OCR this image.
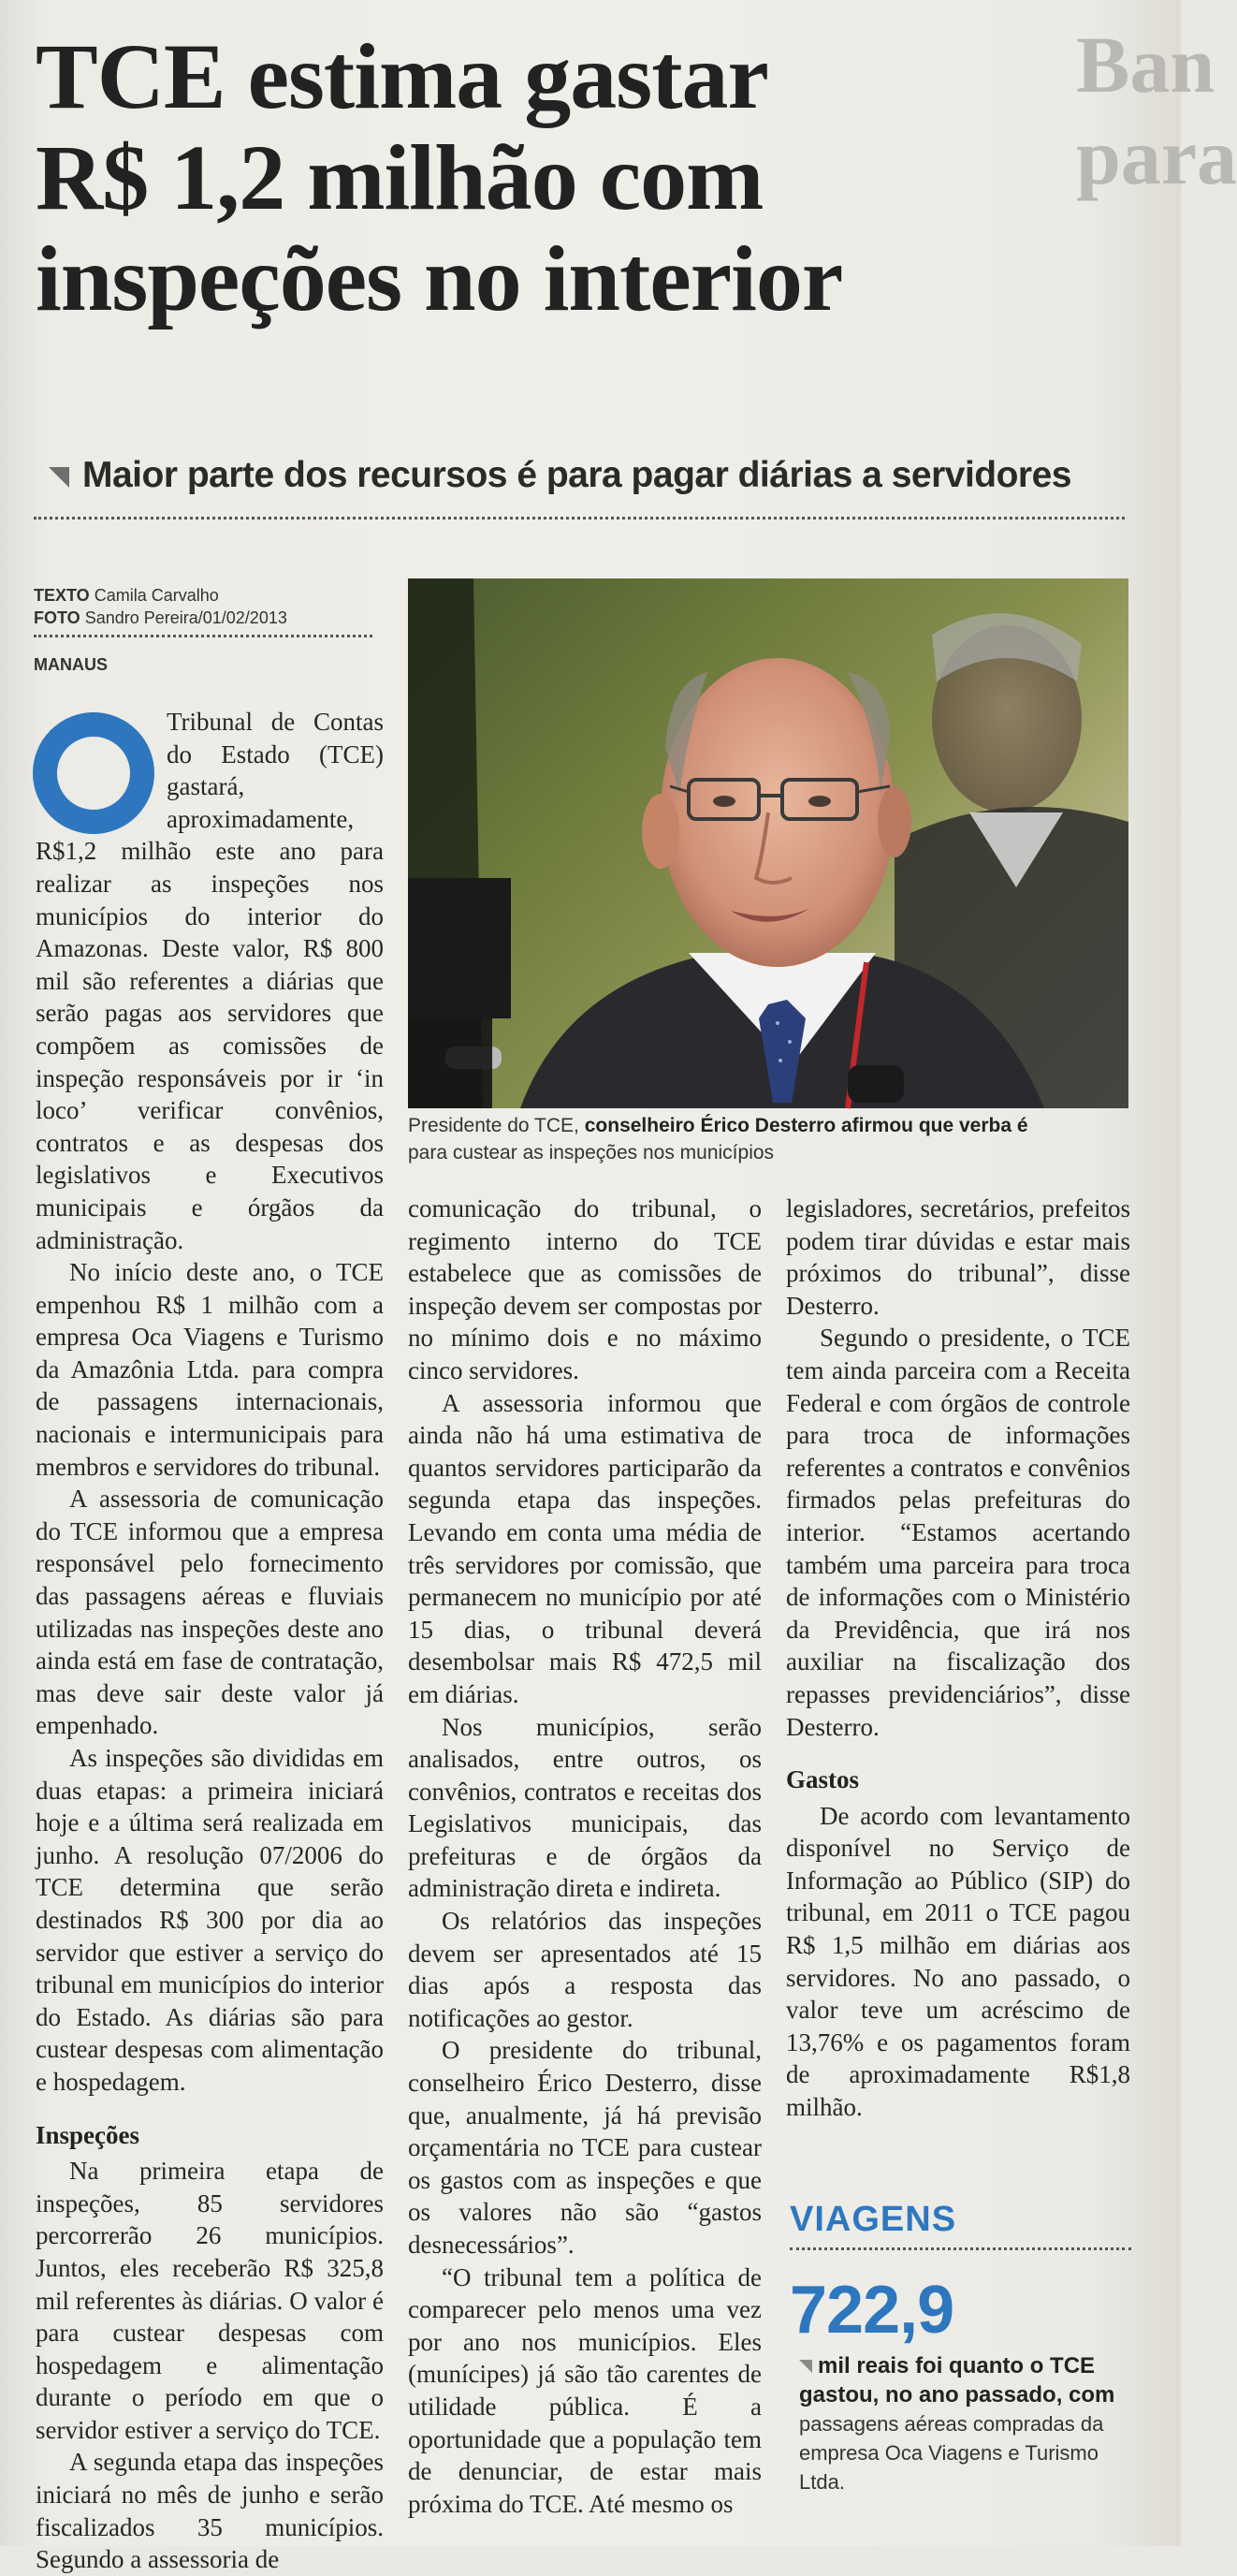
Ban
para
TCE estima gastar
R$ 1,2 milhão com
inspeções no interior
Maior parte dos recursos é para pagar diárias a servidores
TEXTO Camila Carvalho
FOTO Sandro Pereira/01/02/2013
MANAUS
Presidente do TCE, conselheiro Érico Desterro afirmou que verba é
para custear as inspeções nos municípios

Tribunal de Contas do Estado (TCE) gastará, aproximadamente, R$1,2 milhão este ano para realizar as inspeções nos municípios do interior do Amazonas. Deste valor, R$ 800 mil são referentes a diárias que serão pagas aos servidores que compõem as comissões de inspeção responsáveis por ir ‘in loco’ verificar convênios, contratos e as despesas dos legislativos e Executivos municipais e órgãos da administração.

No início deste ano, o TCE empenhou R$ 1 milhão com a empresa Oca Viagens e Turismo da Amazônia Ltda. para compra de passagens internacionais, nacionais e intermunicipais para membros e servidores do tribunal.

A assessoria de comunicação do TCE informou que a empresa responsável pelo fornecimento das passagens aéreas e fluviais utilizadas nas inspeções deste ano ainda está em fase de contratação, mas deve sair deste valor já empenhado.

As inspeções são divididas em duas etapas: a primeira iniciará hoje e a última será realizada em junho. A resolução 07/2006 do TCE determina que serão destinados R$ 300 por dia ao servidor que estiver a serviço do tribunal em municípios do interior do Estado. As diárias são para custear despesas com alimentação e hospedagem.

Inspeções

Na primeira etapa de inspeções, 85 servidores percorrerão 26 municípios. Juntos, eles receberão R$ 325,8 mil referentes às diárias. O valor é para custear despesas com hospedagem e alimentação durante o período em que o servidor estiver a serviço do TCE.

A segunda etapa das inspeções iniciará no mês de junho e serão fiscalizados 35 municípios. Segundo a assessoria de

comunicação do tribunal, o regimento interno do TCE estabelece que as comissões de inspeção devem ser compostas por no mínimo dois e no máximo cinco servidores.

A assessoria informou que ainda não há uma estimativa de quantos servidores participarão da segunda etapa das inspeções. Levando em conta uma média de três servidores por comissão, que permanecem no município por até 15 dias, o tribunal deverá desembolsar mais R$ 472,5 mil em diárias.

Nos municípios, serão analisados, entre outros, os convênios, contratos e receitas dos Legislativos municipais, das prefeituras e de órgãos da administração direta e indireta.

Os relatórios das inspeções devem ser apresentados até 15 dias após a resposta das notificações ao gestor.

O presidente do tribunal, conselheiro Érico Desterro, disse que, anualmente, já há previsão orçamentária no TCE para custear os gastos com as inspeções e que os valores não são “gastos desnecessários”.

“O tribunal tem a política de comparecer pelo menos uma vez por ano nos municípios. Eles (munícipes) já são tão carentes de utilidade pública. É a oportunidade que a população tem de denunciar, de estar mais próxima do TCE. Até mesmo os

legisladores, secretários, prefeitos podem tirar dúvidas e estar mais próximos do tribunal”, disse Desterro.

Segundo o presidente, o TCE tem ainda parceira com a Receita Federal e com órgãos de controle para troca de informações referentes a contratos e convênios firmados pelas prefeituras do interior. “Estamos acertando também uma parceira para troca de informações com o Ministério da Previdência, que irá nos auxiliar na fiscalização dos repasses previdenciários”, disse Desterro.

Gastos

De acordo com levantamento disponível no Serviço de Informação ao Público (SIP) do tribunal, em 2011 o TCE pagou R$ 1,5 milhão em diárias aos servidores. No ano passado, o valor teve um acréscimo de 13,76% e os pagamentos foram de aproximadamente R$1,8 milhão.

VIAGENS
722,9
mil reais foi quanto o TCE gastou, no ano passado, com passagens aéreas compradas da empresa Oca Viagens e Turismo Ltda.
